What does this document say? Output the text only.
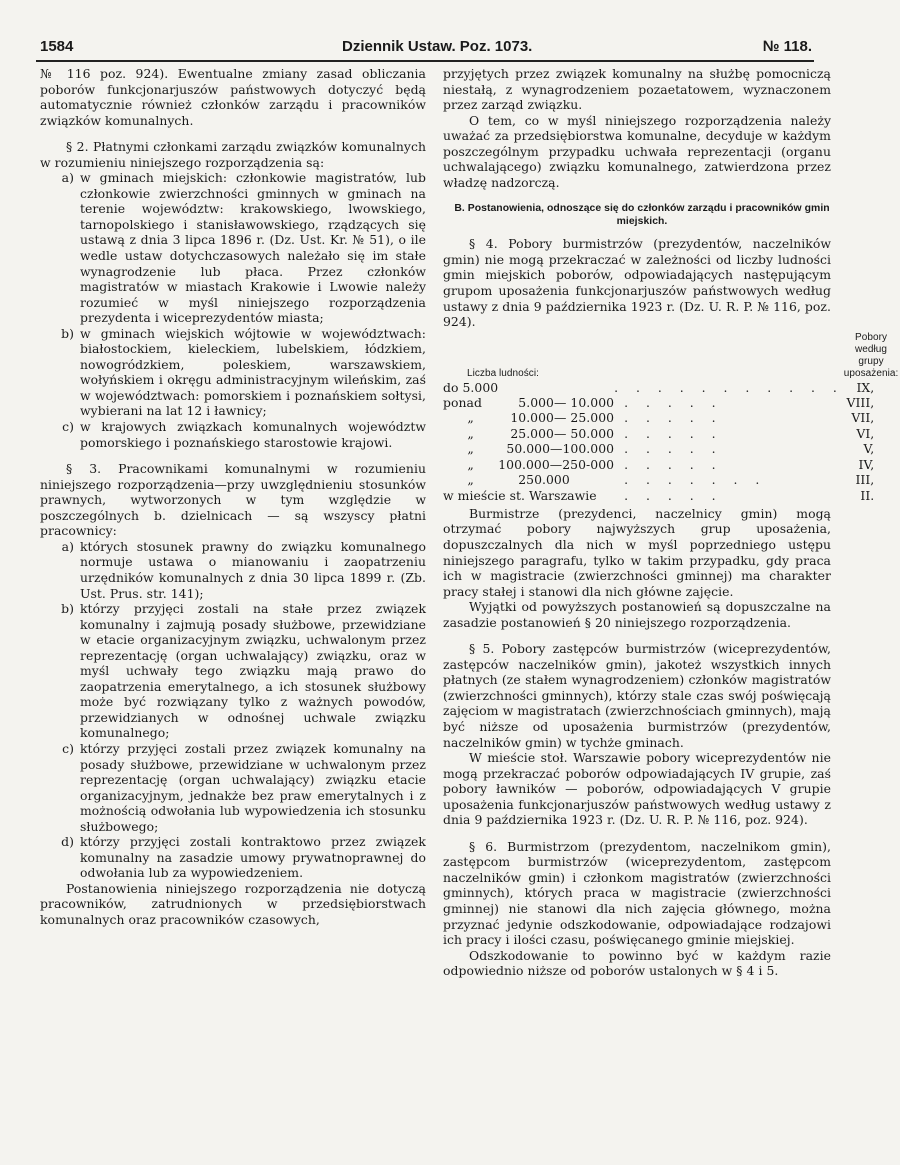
1584	Dziennik Ustaw. Poz. 1073.	№ 118.

№ 116 poz. 924). Ewentualne zmiany zasad obliczania poborów funkcjonarjuszów państwowych dotyczyć będą automatycznie również członków zarządu i pracowników związków komunalnych.

§ 2. Płatnymi członkami zarządu związków komunalnych w rozumieniu niniejszego rozporządzenia są:

a) w gminach miejskich: członkowie magistratów, lub członkowie zwierzchności gminnych w gminach na terenie województw: krakowskiego, lwowskiego, tarnopolskiego i stanisławowskiego, rządzących się ustawą z dnia 3 lipca 1896 r. (Dz. Ust. Kr. № 51), o ile wedle ustaw dotychczasowych należało się im stałe wynagrodzenie lub płaca. Przez członków magistratów w miastach Krakowie i Lwowie należy rozumieć w myśl niniejszego rozporządzenia prezydenta i wiceprezydentów miasta;
b) w gminach wiejskich wójtowie w województwach: białostockiem, kieleckiem, lubelskiem, łódzkiem, nowogródzkiem, poleskiem, warszawskiem, wołyńskiem i okręgu administracyjnym wileńskim, zaś w województwach: pomorskiem i poznańskiem sołtysi, wybierani na lat 12 i ławnicy;
c) w krajowych związkach komunalnych województw pomorskiego i poznańskiego starostowie krajowi.

§ 3. Pracownikami komunalnymi w rozumieniu niniejszego rozporządzenia—przy uwzględnieniu stosunków prawnych, wytworzonych w tym względzie w poszczególnych b. dzielnicach — są wszyscy płatni pracownicy:

a) których stosunek prawny do związku komunalnego normuje ustawa o mianowaniu i zaopatrzeniu urzędników komunalnych z dnia 30 lipca 1899 r. (Zb. Ust. Prus. str. 141);
b) którzy przyjęci zostali na stałe przez związek komunalny i zajmują posady służbowe, przewidziane w etacie organizacyjnym związku, uchwalonym przez reprezentację (organ uchwalający) związku, oraz w myśl uchwały tego związku mają prawo do zaopatrzenia emerytalnego, a ich stosunek służbowy może być rozwiązany tylko z ważnych powodów, przewidzianych w odnośnej uchwale związku komunalnego;
c) którzy przyjęci zostali przez związek komunalny na posady służbowe, przewidziane w uchwalonym przez reprezentację (organ uchwalający) związku etacie organizacyjnym, jednakże bez praw emerytalnych i z możnością odwołania lub wypowiedzenia ich stosunku służbowego;
d) którzy przyjęci zostali kontraktowo przez związek komunalny na zasadzie umowy prywatnoprawnej do odwołania lub za wypowiedzeniem.

Postanowienia niniejszego rozporządzenia nie dotyczą pracowników, zatrudnionych w przedsiębiorstwach komunalnych oraz pracowników czasowych,

przyjętych przez związek komunalny na służbę pomocniczą niestałą, z wynagrodzeniem pozaetatowem, wyznaczonem przez zarząd związku.

O tem, co w myśl niniejszego rozporządzenia należy uważać za przedsiębiorstwa komunalne, decyduje w każdym poszczególnym przypadku uchwała reprezentacji (organu uchwalającego) związku komunalnego, zatwierdzona przez władzę nadzorczą.

B. Postanowienia, odnoszące się do członków zarządu i pracowników gmin miejskich.

§ 4. Pobory burmistrzów (prezydentów, naczelników gmin) nie mogą przekraczać w zależności od liczby ludności gmin miejskich poborów, odpowiadających następującym grupom uposażenia funkcjonarjuszów państwowych według ustawy z dnia 9 października 1923 r. (Dz. U. R. P. № 116, poz. 924).

Liczba ludności:			Pobory według grupy uposażenia:
do 5.000		. . . . . . . . . . .	IX,
ponad	5.000— 10.000	. . . . .	VIII,
„	10.000— 25.000	. . . . .	VII,
„	25.000— 50.000	. . . . .	VI,
„	50.000—100.000	. . . . .	V,
„	100.000—250-000	. . . . .	IV,
„	250.000	. . . . . . .	III,
w mieście st. Warszawie		. . . . .	II.

Burmistrze (prezydenci, naczelnicy gmin) mogą otrzymać pobory najwyższych grup uposażenia, dopuszczalnych dla nich w myśl poprzedniego ustępu niniejszego paragrafu, tylko w takim przypadku, gdy praca ich w magistracie (zwierzchności gminnej) ma charakter pracy stałej i stanowi dla nich główne zajęcie.

Wyjątki od powyższych postanowień są dopuszczalne na zasadzie postanowień § 20 niniejszego rozporządzenia.

§ 5. Pobory zastępców burmistrzów (wiceprezydentów, zastępców naczelników gmin), jakoteż wszystkich innych płatnych (ze stałem wynagrodzeniem) członków magistratów (zwierzchności gminnych), którzy stale czas swój poświęcają zajęciom w magistratach (zwierzchnościach gminnych), mają być niższe od uposażenia burmistrzów (prezydentów, naczelników gmin) w tychże gminach.

W mieście stoł. Warszawie pobory wiceprezydentów nie mogą przekraczać poborów odpowiadających IV grupie, zaś pobory ławników — poborów, odpowiadających V grupie uposażenia funkcjonarjuszów państwowych według ustawy z dnia 9 października 1923 r. (Dz. U. R. P. № 116, poz. 924).

§ 6. Burmistrzom (prezydentom, naczelnikom gmin), zastępcom burmistrzów (wiceprezydentom, zastępcom naczelników gmin) i członkom magistratów (zwierzchności gminnych), których praca w magistracie (zwierzchności gminnej) nie stanowi dla nich zajęcia głównego, można przyznać jedynie odszkodowanie, odpowiadające rodzajowi ich pracy i ilości czasu, poświęcanego gminie miejskiej.

Odszkodowanie to powinno być w każdym razie odpowiednio niższe od poborów ustalonych w § 4 i 5.
